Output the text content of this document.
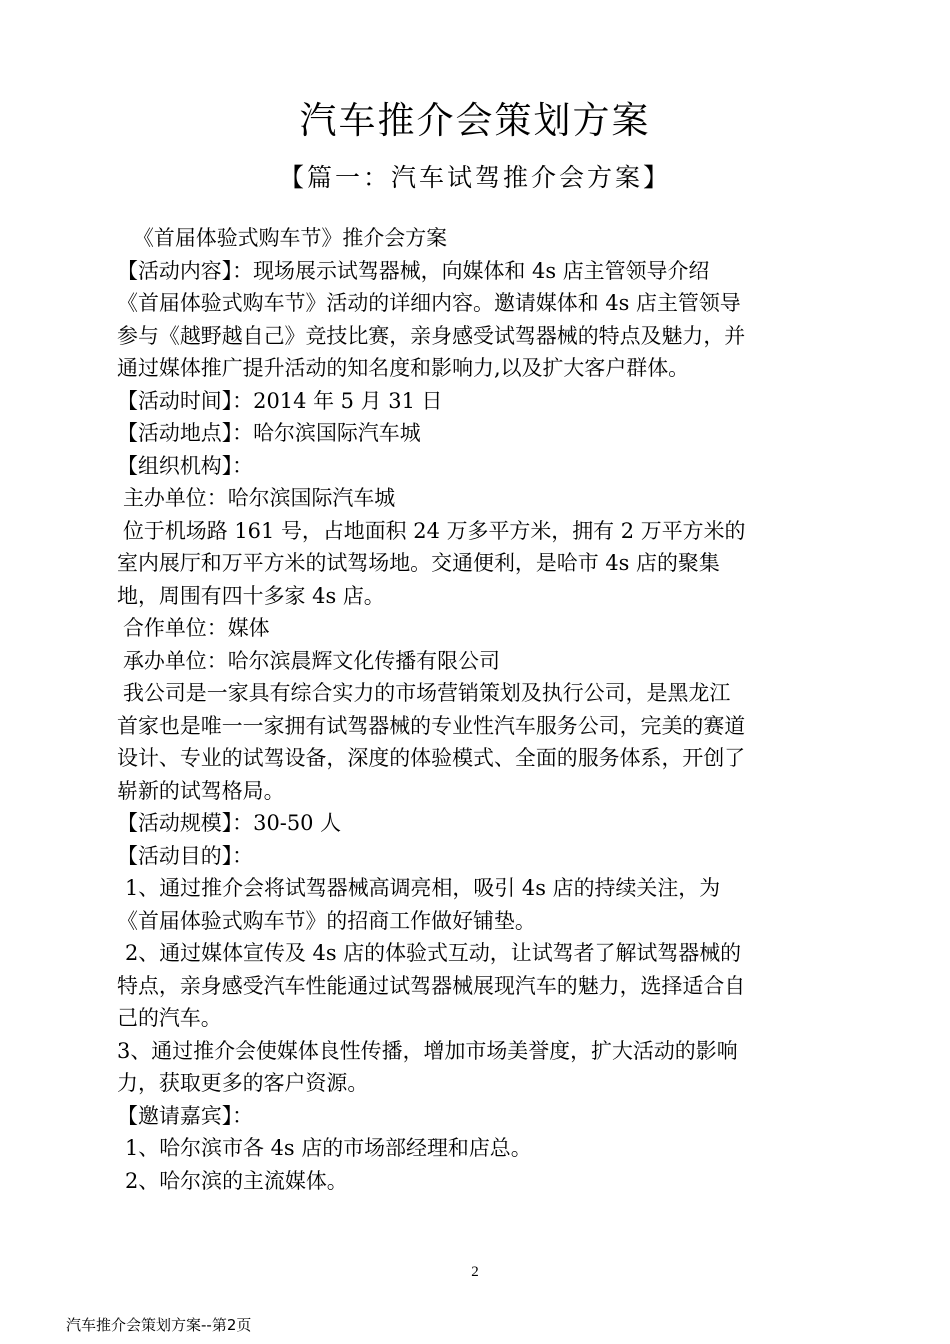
汽车推介会策划方案
【篇一：汽车试驾推介会方案】
《首届体验式购车节》推介会方案
【活动内容】：现场展示试驾器械，向媒体和 4s 店主管领导介绍
《首届体验式购车节》活动的详细内容。邀请媒体和 4s 店主管领导
参与《越野越自己》竞技比赛，亲身感受试驾器械的特点及魅力，并
通过媒体推广提升活动的知名度和影响力,以及扩大客户群体。
【活动时间】：2014 年 5 月 31 日
【活动地点】：哈尔滨国际汽车城
【组织机构】：
主办单位：哈尔滨国际汽车城
位于机场路 161 号，占地面积 24 万多平方米，拥有 2 万平方米的
室内展厅和万平方米的试驾场地。交通便利，是哈市 4s 店的聚集
地，周围有四十多家 4s 店。
合作单位：媒体
承办单位：哈尔滨晨辉文化传播有限公司
我公司是一家具有综合实力的市场营销策划及执行公司，是黑龙江
首家也是唯一一家拥有试驾器械的专业性汽车服务公司，完美的赛道
设计、专业的试驾设备，深度的体验模式、全面的服务体系，开创了
崭新的试驾格局。
【活动规模】：30-50 人
【活动目的】：
1、通过推介会将试驾器械高调亮相，吸引 4s 店的持续关注，为
《首届体验式购车节》的招商工作做好铺垫。
2、通过媒体宣传及 4s 店的体验式互动，让试驾者了解试驾器械的
特点，亲身感受汽车性能通过试驾器械展现汽车的魅力，选择适合自
己的汽车。
3、通过推介会使媒体良性传播，增加市场美誉度，扩大活动的影响
力，获取更多的客户资源。
【邀请嘉宾】：
1、哈尔滨市各 4s 店的市场部经理和店总。
2、哈尔滨的主流媒体。
2
汽车推介会策划方案--第2页
